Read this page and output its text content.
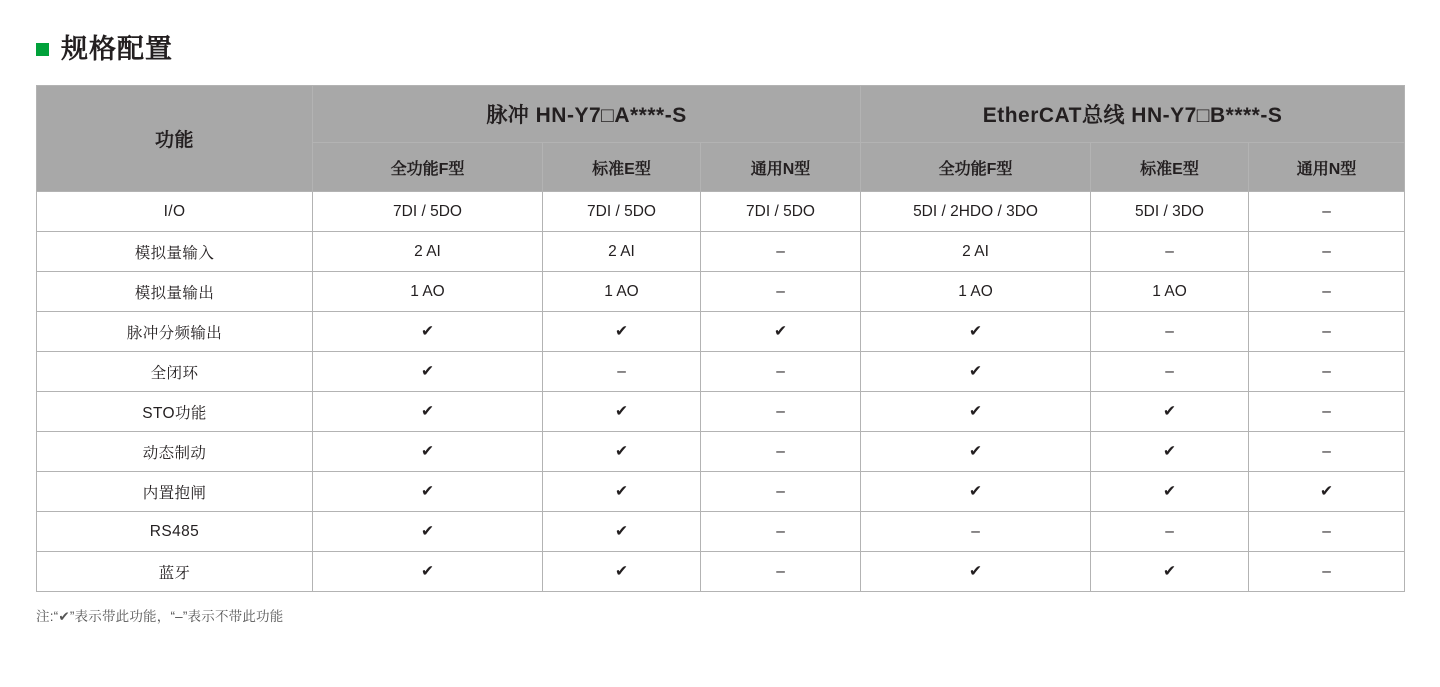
规格配置
功能	脉冲 HN-Y7□A****-S			EtherCAT总线 HN-Y7□B****-S		
	全功能F型	标准E型	通用N型	全功能F型	标准E型	通用N型
I/O	7DI / 5DO	7DI / 5DO	7DI / 5DO	5DI / 2HDO / 3DO	5DI / 3DO	–
模拟量输入	2 AI	2 AI	–	2 AI	–	–
模拟量输出	1 AO	1 AO	–	1 AO	1 AO	–
脉冲分频输出	✔	✔	✔	✔	–	–
全闭环	✔	–	–	✔	–	–
STO功能	✔	✔	–	✔	✔	–
动态制动	✔	✔	–	✔	✔	–
内置抱闸	✔	✔	–	✔	✔	✔
RS485	✔	✔	–	–	–	–
蓝牙	✔	✔	–	✔	✔	–
注:“✔”表示带此功能，“–”表示不带此功能
